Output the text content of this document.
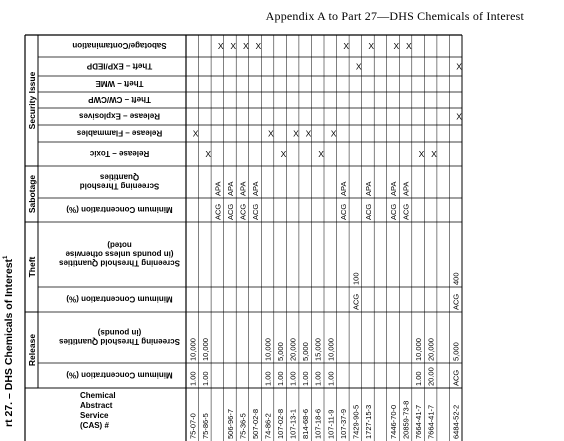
Appendix A to Part 27—DHS Chemicals of Interest
rt 27. – DHS Chemicals of Interest$^1$
Release
Theft
Sabotage
Security Issue
Chemical Abstract Service (CAS) #
Minimum Concentration (%)
Screening Threshold Quantities(in pounds)
Minimum Concentration (%)
Screening Threshold Quantities(in pounds unless otherwisenoted)
Minimum Concentration (%)
Screening ThresholdQuantities
Release – Toxic
Release – Flammables
Release – Explosives
Theft – CW/CWP
Theft – WME
Theft – EXP/IEDP
Sabotage/Contamination
75-07-0
1.00
10,000
X
75-86-5
1.00
10,000
X
ACG
APA
X
506-96-7
ACG
APA
X
75-36-5
ACG
APA
X
507-02-8
ACG
APA
X
74-86-2
1.00
10,000
X
107-02-8
1.00
5,000
X
107-13-1
1.00
20,000
X
814-68-6
1.00
5,000
X
107-18-6
1.00
15,000
X
107-11-9
1.00
10,000
X
107-37-9
ACG
APA
X
7429-90-5
ACG
100
X
1727-15-3
ACG
APA
X
7446-70-0
ACG
APA
X
20859-73-8
ACG
APA
X
7664-41-7
1.00
10,000
X
7664-41-7
20.00
20,000
X
6484-52-2
ACG
5,000
ACG
400
X
X
